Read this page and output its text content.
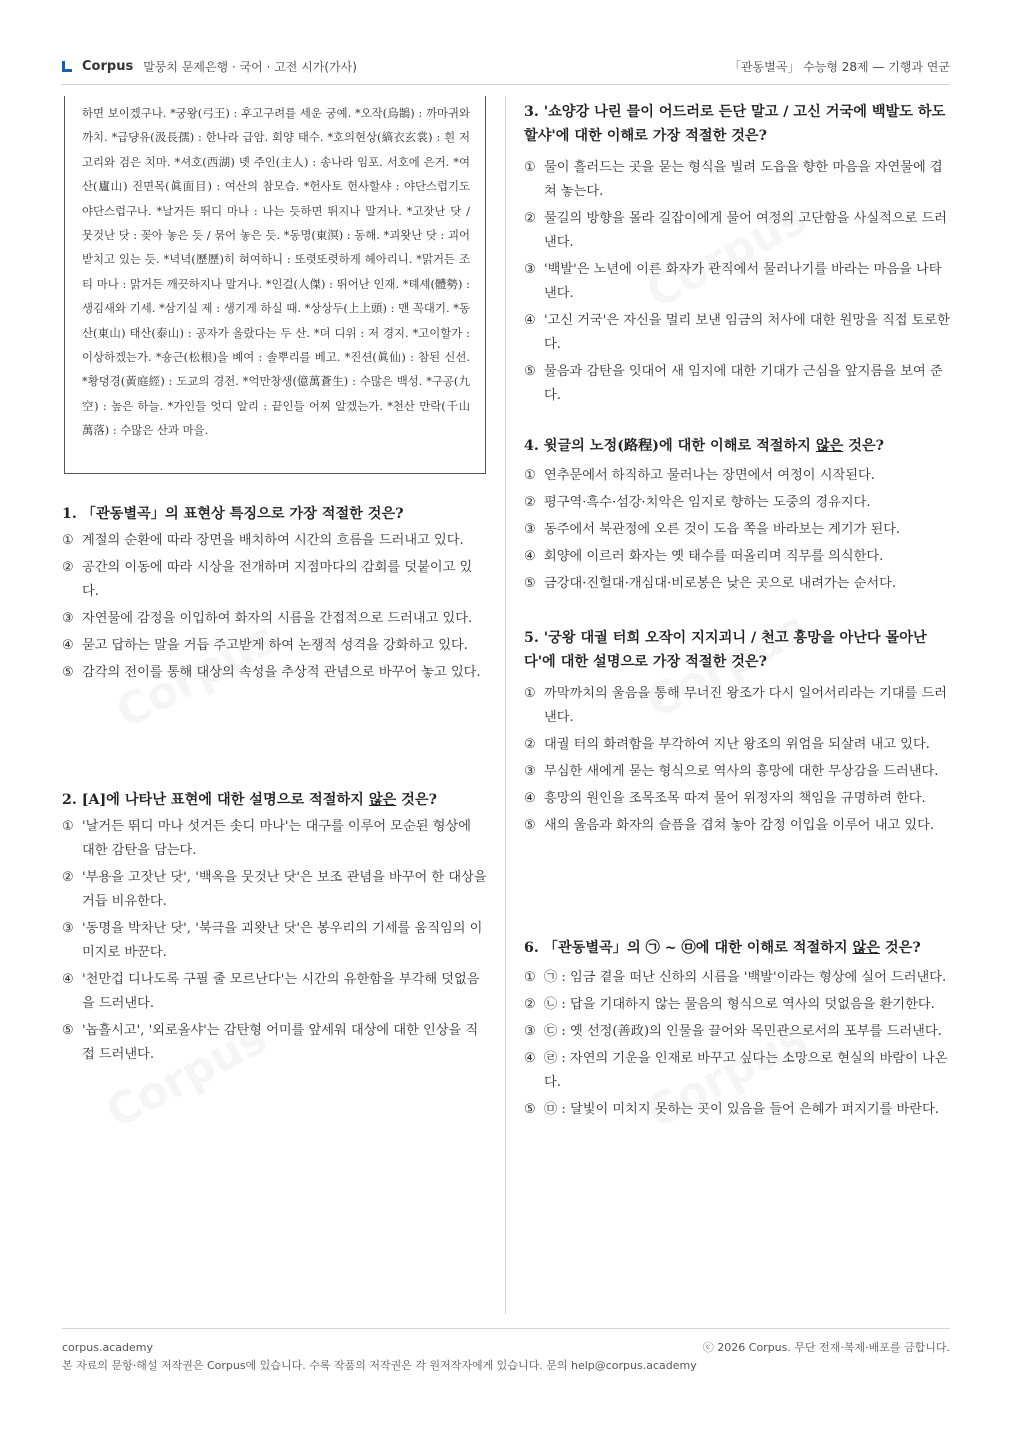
Corpus 말뭉치 문제은행 · 국어 · 고전 시가(가사)	「관동별곡」 수능형 28제 — 기행과 연군
하면 보이겠구나. *궁왕(弓王) : 후고구려를 세운 궁예. *오작(烏鵲) : 까마귀와 까치. *급댱유(汲長孺) : 한나라 급암. 회양 태수. *호의현상(縞衣玄裳) : 흰 저고리와 검은 치마. *셔호(西湖) 녯 주인(主人) : 송나라 임포. 서호에 은거. *여산(廬山) 진면목(眞面目) : 여산의 참모습. *헌사토 헌사할샤 : 야단스럽기도 야단스럽구나. *날거든 뛰디 마나 : 나는 듯하면 뛰지나 말거나. *고잣난 닷 / 뭇것난 닷 : 꽂아 놓은 듯 / 묶어 놓은 듯. *동명(東溟) : 동해. *괴왓난 닷 : 괴어 받치고 있는 듯. *녁녁(歷歷)히 혀여하니 : 또렷또렷하게 헤아리니. *맑거든 조티 마나 : 맑거든 깨끗하지나 말거나. *인걸(人傑) : 뛰어난 인재. *톄셰(體勢) : 생김새와 기세. *삼기실 제 : 생기게 하실 때. *상상두(上上頭) : 맨 꼭대기. *동산(東山) 태산(泰山) : 공자가 올랐다는 두 산. *뎌 디위 : 저 경지. *고이할가 : 이상하겠는가. *숑근(松根)을 볘여 : 솔뿌리를 베고. *진션(眞仙) : 참된 신선. *황뎡경(黃庭經) : 도교의 경전. *억만창생(億萬蒼生) : 수많은 백성. *구공(九空) : 높은 하늘. *가인들 엇디 알리 : 끝인들 어찌 알겠는가. *천산 만락(千山萬落) : 수많은 산과 마을.
1. 「관동별곡」의 표현상 특징으로 가장 적절한 것은?
① 계절의 순환에 따라 장면을 배치하여 시간의 흐름을 드러내고 있다.
② 공간의 이동에 따라 시상을 전개하며 지점마다의 감회를 덧붙이고 있다.
③ 자연물에 감정을 이입하여 화자의 시름을 간접적으로 드러내고 있다.
④ 묻고 답하는 말을 거듭 주고받게 하여 논쟁적 성격을 강화하고 있다.
⑤ 감각의 전이를 통해 대상의 속성을 추상적 관념으로 바꾸어 놓고 있다.
2. [A]에 나타난 표현에 대한 설명으로 적절하지 않은 것은?
① '날거든 뛰디 마나 섯거든 솟디 마나'는 대구를 이루어 모순된 형상에 대한 감탄을 담는다.
② '부용을 고잣난 닷', '백옥을 뭇것난 닷'은 보조 관념을 바꾸어 한 대상을 거듭 비유한다.
③ '동명을 박차난 닷', '북극을 괴왓난 닷'은 봉우리의 기세를 움직임의 이미지로 바꾼다.
④ '천만겁 디나도록 구필 줄 모르난다'는 시간의 유한함을 부각해 덧없음을 드러낸다.
⑤ '놉흘시고', '외로올샤'는 감탄형 어미를 앞세워 대상에 대한 인상을 직접 드러낸다.
3. '쇼양강 나린 믈이 어드러로 든단 말고 / 고신 거국에 백발도 하도 할샤'에 대한 이해로 가장 적절한 것은?
① 물이 흘러드는 곳을 묻는 형식을 빌려 도읍을 향한 마음을 자연물에 겹쳐 놓는다.
② 물길의 방향을 몰라 길잡이에게 물어 여정의 고단함을 사실적으로 드러낸다.
③ '백발'은 노년에 이른 화자가 관직에서 물러나기를 바라는 마음을 나타낸다.
④ '고신 거국'은 자신을 멀리 보낸 임금의 처사에 대한 원망을 직접 토로한다.
⑤ 물음과 감탄을 잇대어 새 임지에 대한 기대가 근심을 앞지름을 보여 준다.
4. 윗글의 노정(路程)에 대한 이해로 적절하지 않은 것은?
① 연추문에서 하직하고 물러나는 장면에서 여정이 시작된다.
② 평구역·흑수·섬강·치악은 임지로 향하는 도중의 경유지다.
③ 동주에서 북관정에 오른 것이 도읍 쪽을 바라보는 계기가 된다.
④ 회양에 이르러 화자는 옛 태수를 떠올리며 직무를 의식한다.
⑤ 금강대·진헐대·개심대·비로봉은 낮은 곳으로 내려가는 순서다.
5. '궁왕 대궐 터희 오작이 지지괴니 / 천고 흥망을 아난다 몰아난다'에 대한 설명으로 가장 적절한 것은?
① 까막까치의 울음을 통해 무너진 왕조가 다시 일어서리라는 기대를 드러낸다.
② 대궐 터의 화려함을 부각하여 지난 왕조의 위엄을 되살려 내고 있다.
③ 무심한 새에게 묻는 형식으로 역사의 흥망에 대한 무상감을 드러낸다.
④ 흥망의 원인을 조목조목 따져 물어 위정자의 책임을 규명하려 한다.
⑤ 새의 울음과 화자의 슬픔을 겹쳐 놓아 감정 이입을 이루어 내고 있다.
6. 「관동별곡」의 ㉠ ~ ㉤에 대한 이해로 적절하지 않은 것은?
① ㉠ : 임금 곁을 떠난 신하의 시름을 '백발'이라는 형상에 실어 드러낸다.
② ㉡ : 답을 기대하지 않는 물음의 형식으로 역사의 덧없음을 환기한다.
③ ㉢ : 옛 선정(善政)의 인물을 끌어와 목민관으로서의 포부를 드러낸다.
④ ㉣ : 자연의 기운을 인재로 바꾸고 싶다는 소망으로 현실의 바람이 나온다.
⑤ ㉤ : 달빛이 미치지 못하는 곳이 있음을 들어 은혜가 퍼지기를 바란다.
corpus.academy	ⓒ 2026 Corpus. 무단 전재·복제·배포를 금합니다.
본 자료의 문항·해설 저작권은 Corpus에 있습니다. 수록 작품의 저작권은 각 원저작자에게 있습니다. 문의 help@corpus.academy
